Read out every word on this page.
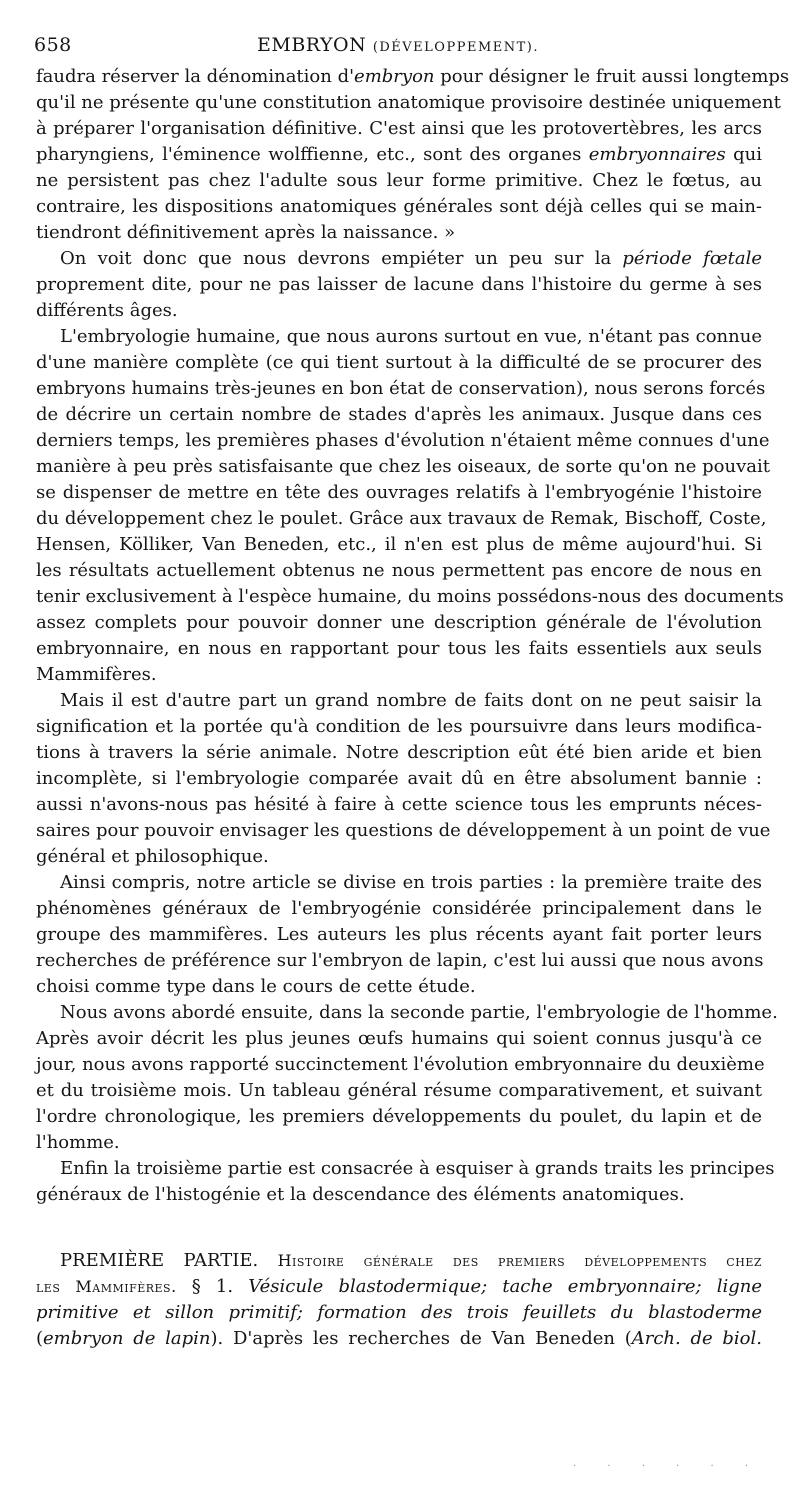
658	EMBRYON (DÉVELOPPEMENT).
faudra réserver la dénomination d'embryon pour désigner le fruit aussi longtemps
qu'il ne présente qu'une constitution anatomique provisoire destinée uniquement
à préparer l'organisation définitive. C'est ainsi que les protovertèbres, les arcs
pharyngiens, l'éminence wolffienne, etc., sont des organes embryonnaires qui
ne persistent pas chez l'adulte sous leur forme primitive. Chez le fœtus, au
contraire, les dispositions anatomiques générales sont déjà celles qui se main-
tiendront définitivement après la naissance. »
On voit donc que nous devrons empiéter un peu sur la période fœtale
proprement dite, pour ne pas laisser de lacune dans l'histoire du germe à ses
différents âges.
L'embryologie humaine, que nous aurons surtout en vue, n'étant pas connue
d'une manière complète (ce qui tient surtout à la difficulté de se procurer des
embryons humains très-jeunes en bon état de conservation), nous serons forcés
de décrire un certain nombre de stades d'après les animaux. Jusque dans ces
derniers temps, les premières phases d'évolution n'étaient même connues d'une
manière à peu près satisfaisante que chez les oiseaux, de sorte qu'on ne pouvait
se dispenser de mettre en tête des ouvrages relatifs à l'embryogénie l'histoire
du développement chez le poulet. Grâce aux travaux de Remak, Bischoff, Coste,
Hensen, Kölliker, Van Beneden, etc., il n'en est plus de même aujourd'hui. Si
les résultats actuellement obtenus ne nous permettent pas encore de nous en
tenir exclusivement à l'espèce humaine, du moins possédons-nous des documents
assez complets pour pouvoir donner une description générale de l'évolution
embryonnaire, en nous en rapportant pour tous les faits essentiels aux seuls
Mammifères.
Mais il est d'autre part un grand nombre de faits dont on ne peut saisir la
signification et la portée qu'à condition de les poursuivre dans leurs modifica-
tions à travers la série animale. Notre description eût été bien aride et bien
incomplète, si l'embryologie comparée avait dû en être absolument bannie :
aussi n'avons-nous pas hésité à faire à cette science tous les emprunts néces-
saires pour pouvoir envisager les questions de développement à un point de vue
général et philosophique.
Ainsi compris, notre article se divise en trois parties : la première traite des
phénomènes généraux de l'embryogénie considérée principalement dans le
groupe des mammifères. Les auteurs les plus récents ayant fait porter leurs
recherches de préférence sur l'embryon de lapin, c'est lui aussi que nous avons
choisi comme type dans le cours de cette étude.
Nous avons abordé ensuite, dans la seconde partie, l'embryologie de l'homme.
Après avoir décrit les plus jeunes œufs humains qui soient connus jusqu'à ce
jour, nous avons rapporté succinctement l'évolution embryonnaire du deuxième
et du troisième mois. Un tableau général résume comparativement, et suivant
l'ordre chronologique, les premiers développements du poulet, du lapin et de
l'homme.
Enfin la troisième partie est consacrée à esquiser à grands traits les principes
généraux de l'histogénie et la descendance des éléments anatomiques.
PREMIÈRE PARTIE. Histoire générale des premiers développements chez
les Mammifères. § 1. Vésicule blastodermique; tache embryonnaire; ligne
primitive et sillon primitif; formation des trois feuillets du blastoderme
(embryon de lapin). D'après les recherches de Van Beneden (Arch. de biol.
. . . . . .
